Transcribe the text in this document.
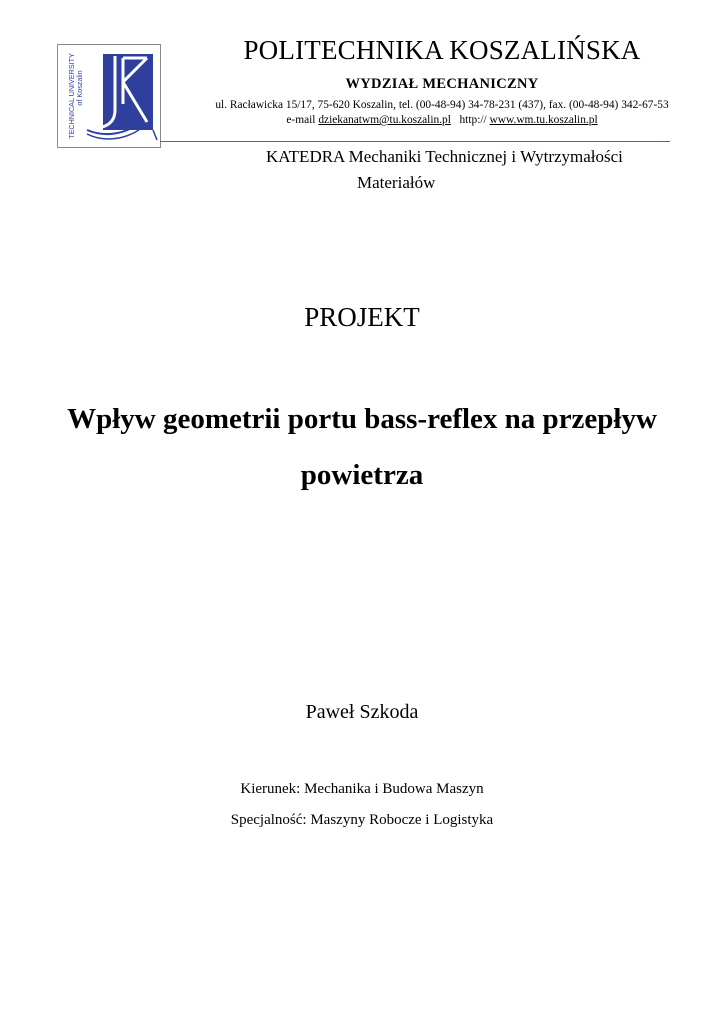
TECHNICAL UNIVERSITY of Koszalin
POLITECHNIKA KOSZALIŃSKA
WYDZIAŁ MECHANICZNY
ul. Racławicka 15/17, 75-620 Koszalin, tel. (00-48-94) 34-78-231 (437), fax. (00-48-94) 342-67-53
e-mail dziekanatwm@tu.koszalin.pl http:// www.wm.tu.koszalin.pl
KATEDRA Mechaniki Technicznej i Wytrzymałości
Materiałów
PROJEKT
Wpływ geometrii portu bass-reflex na przepływ
powietrza
Paweł Szkoda
Kierunek: Mechanika i Budowa Maszyn
Specjalność: Maszyny Robocze i Logistyka
